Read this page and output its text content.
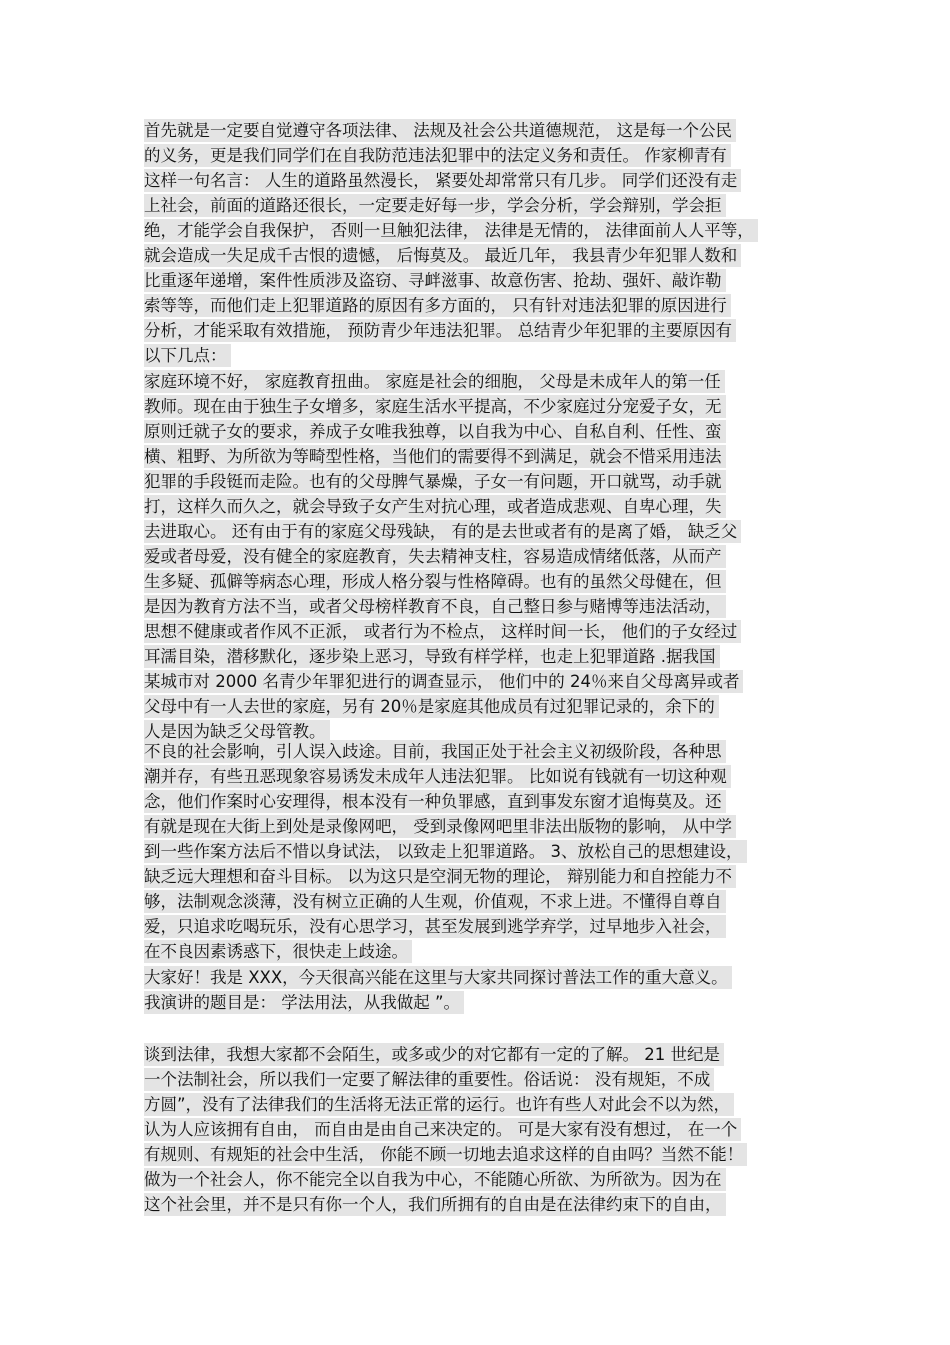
首先就是一定要自觉遵守各项法律、 法规及社会公共道德规范， 这是每一个公民
的义务，更是我们同学们在自我防范违法犯罪中的法定义务和责任。 作家柳青有
这样一句名言： 人生的道路虽然漫长， 紧要处却常常只有几步。 同学们还没有走
上社会，前面的道路还很长，一定要走好每一步，学会分析，学会辩别，学会拒
绝，才能学会自我保护， 否则一旦触犯法律， 法律是无情的， 法律面前人人平等，
就会造成一失足成千古恨的遗憾， 后悔莫及。 最近几年， 我县青少年犯罪人数和
比重逐年递增，案件性质涉及盗窃、寻衅滋事、故意伤害、抢劫、强奸、敲诈勒
索等等，而他们走上犯罪道路的原因有多方面的， 只有针对违法犯罪的原因进行
分析，才能采取有效措施， 预防青少年违法犯罪。 总结青少年犯罪的主要原因有
以下几点：
家庭环境不好， 家庭教育扭曲。 家庭是社会的细胞， 父母是未成年人的第一任
教师。现在由于独生子女增多，家庭生活水平提高，不少家庭过分宠爱子女，无
原则迁就子女的要求，养成子女唯我独尊，以自我为中心、自私自利、任性、蛮
横、粗野、为所欲为等畸型性格，当他们的需要得不到满足，就会不惜采用违法
犯罪的手段铤而走险。也有的父母脾气暴燥，子女一有问题，开口就骂，动手就
打，这样久而久之，就会导致子女产生对抗心理，或者造成悲观、自卑心理，失
去进取心。 还有由于有的家庭父母残缺， 有的是去世或者有的是离了婚， 缺乏父
爱或者母爱，没有健全的家庭教育，失去精神支柱，容易造成情绪低落，从而产
生多疑、孤僻等病态心理，形成人格分裂与性格障碍。也有的虽然父母健在，但
是因为教育方法不当，或者父母榜样教育不良，自己整日参与赌博等违法活动，
思想不健康或者作风不正派， 或者行为不检点， 这样时间一长， 他们的子女经过
耳濡目染，潜移默化，逐步染上恶习，导致有样学样，也走上犯罪道路 .据我国
某城市对 2000 名青少年罪犯进行的调查显示， 他们中的 24％来自父母离异或者
父母中有一人去世的家庭，另有 20％是家庭其他成员有过犯罪记录的，余下的
人是因为缺乏父母管教。
不良的社会影响，引人误入歧途。目前，我国正处于社会主义初级阶段，各种思
潮并存，有些丑恶现象容易诱发未成年人违法犯罪。 比如说有钱就有一切这种观
念，他们作案时心安理得，根本没有一种负罪感，直到事发东窗才追悔莫及。还
有就是现在大街上到处是录像网吧， 受到录像网吧里非法出版物的影响， 从中学
到一些作案方法后不惜以身试法， 以致走上犯罪道路。 3、放松自己的思想建设，
缺乏远大理想和奋斗目标。 以为这只是空洞无物的理论， 辩别能力和自控能力不
够，法制观念淡薄，没有树立正确的人生观，价值观，不求上进。不懂得自尊自
爱，只追求吃喝玩乐，没有心思学习，甚至发展到逃学弃学，过早地步入社会，
在不良因素诱惑下，很快走上歧途。
大家好！我是 XXX，今天很高兴能在这里与大家共同探讨普法工作的重大意义。
我演讲的题目是： 学法用法，从我做起 ”。
谈到法律，我想大家都不会陌生，或多或少的对它都有一定的了解。 21 世纪是
一个法制社会，所以我们一定要了解法律的重要性。俗话说： 没有规矩，不成
方圆”，没有了法律我们的生活将无法正常的运行。也许有些人对此会不以为然，
认为人应该拥有自由， 而自由是由自己来决定的。 可是大家有没有想过， 在一个
有规则、有规矩的社会中生活， 你能不顾一切地去追求这样的自由吗？当然不能！
做为一个社会人，你不能完全以自我为中心，不能随心所欲、为所欲为。因为在
这个社会里，并不是只有你一个人，我们所拥有的自由是在法律约束下的自由，
